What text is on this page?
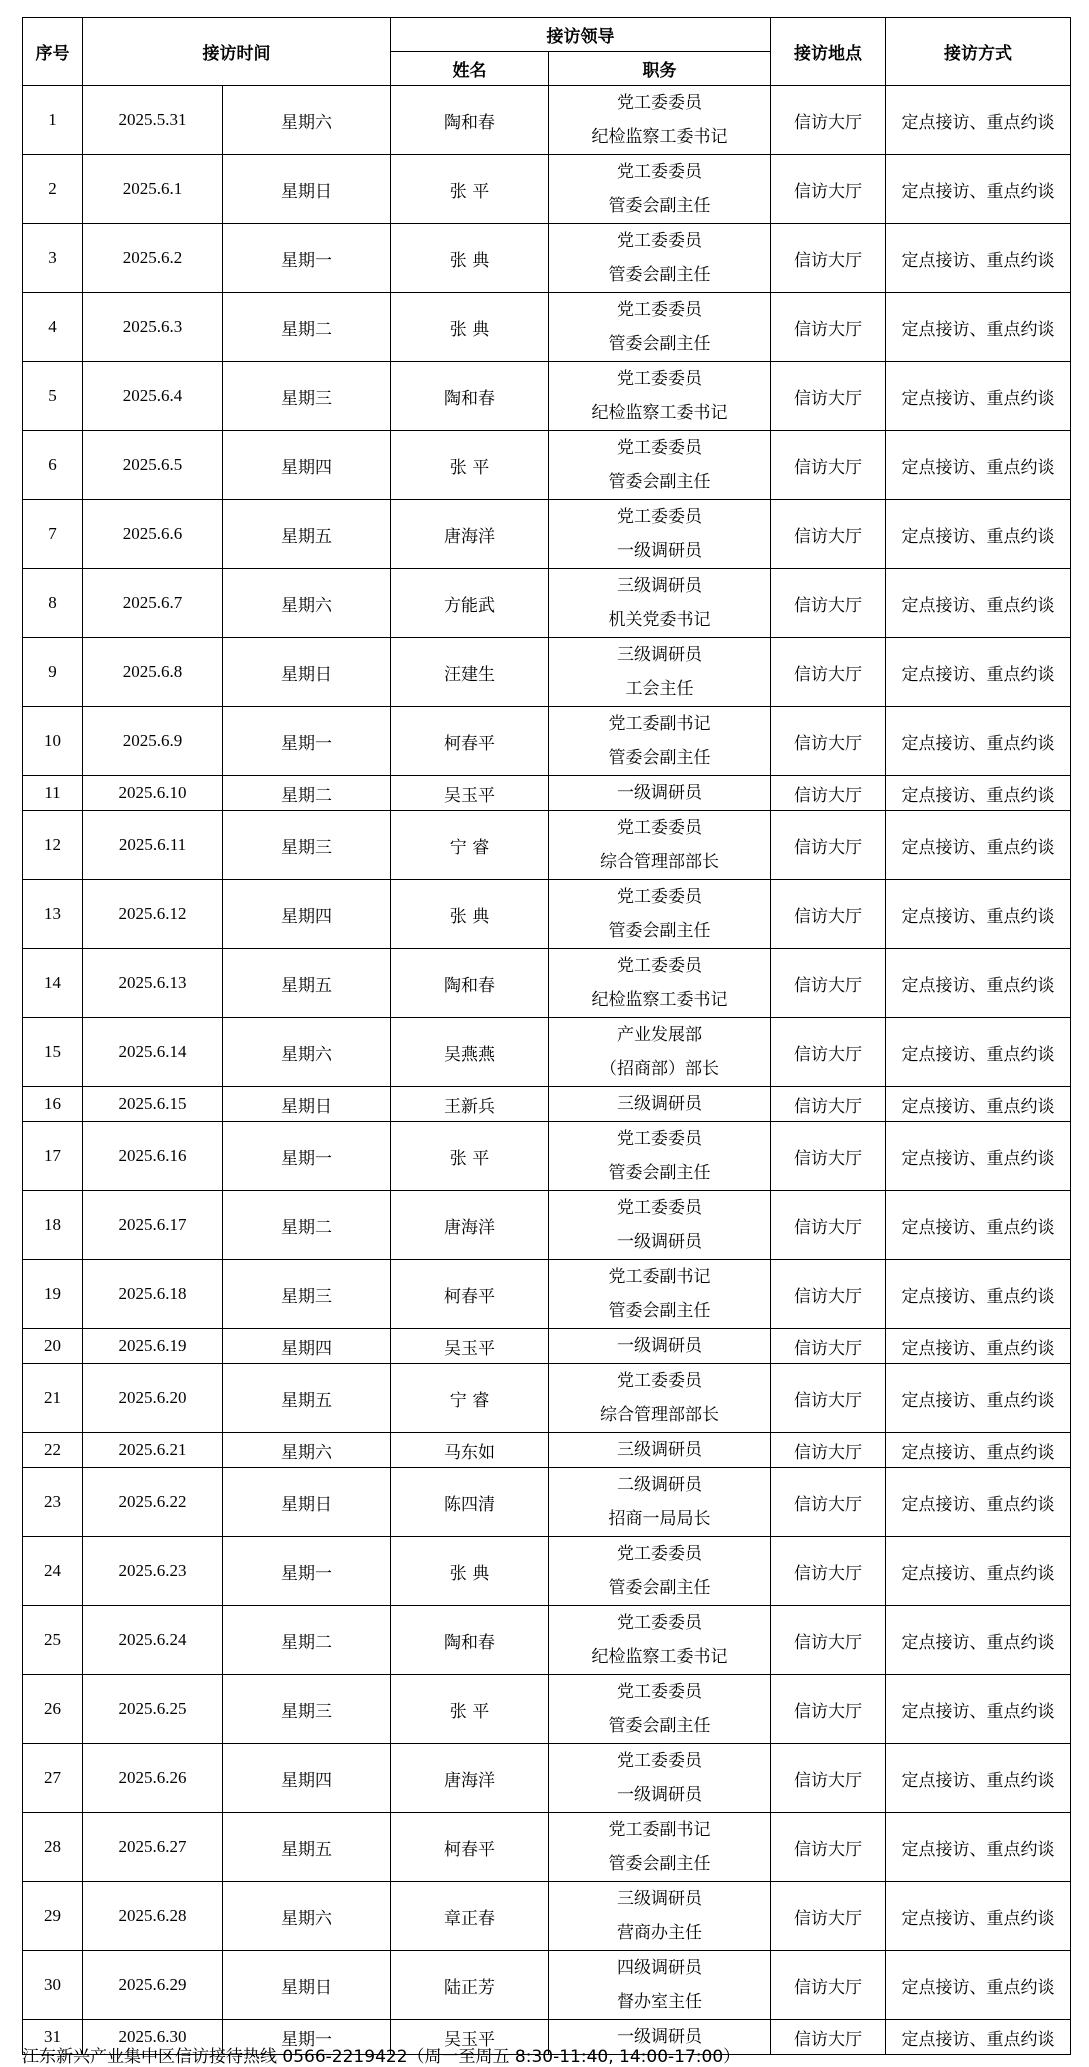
序号	接访时间		接访领导		接访地点	接访方式
			姓名	职务		
1	2025.5.31	星期六	陶和春	党工委委员
纪检监察工委书记	信访大厅	定点接访、重点约谈
2	2025.6.1	星期日	张 平	党工委委员
管委会副主任	信访大厅	定点接访、重点约谈
3	2025.6.2	星期一	张 典	党工委委员
管委会副主任	信访大厅	定点接访、重点约谈
4	2025.6.3	星期二	张 典	党工委委员
管委会副主任	信访大厅	定点接访、重点约谈
5	2025.6.4	星期三	陶和春	党工委委员
纪检监察工委书记	信访大厅	定点接访、重点约谈
6	2025.6.5	星期四	张 平	党工委委员
管委会副主任	信访大厅	定点接访、重点约谈
7	2025.6.6	星期五	唐海洋	党工委委员
一级调研员	信访大厅	定点接访、重点约谈
8	2025.6.7	星期六	方能武	三级调研员
机关党委书记	信访大厅	定点接访、重点约谈
9	2025.6.8	星期日	汪建生	三级调研员
工会主任	信访大厅	定点接访、重点约谈
10	2025.6.9	星期一	柯春平	党工委副书记
管委会副主任	信访大厅	定点接访、重点约谈
11	2025.6.10	星期二	吴玉平	一级调研员	信访大厅	定点接访、重点约谈
12	2025.6.11	星期三	宁 睿	党工委委员
综合管理部部长	信访大厅	定点接访、重点约谈
13	2025.6.12	星期四	张 典	党工委委员
管委会副主任	信访大厅	定点接访、重点约谈
14	2025.6.13	星期五	陶和春	党工委委员
纪检监察工委书记	信访大厅	定点接访、重点约谈
15	2025.6.14	星期六	吴燕燕	产业发展部
（招商部）部长	信访大厅	定点接访、重点约谈
16	2025.6.15	星期日	王新兵	三级调研员	信访大厅	定点接访、重点约谈
17	2025.6.16	星期一	张 平	党工委委员
管委会副主任	信访大厅	定点接访、重点约谈
18	2025.6.17	星期二	唐海洋	党工委委员
一级调研员	信访大厅	定点接访、重点约谈
19	2025.6.18	星期三	柯春平	党工委副书记
管委会副主任	信访大厅	定点接访、重点约谈
20	2025.6.19	星期四	吴玉平	一级调研员	信访大厅	定点接访、重点约谈
21	2025.6.20	星期五	宁 睿	党工委委员
综合管理部部长	信访大厅	定点接访、重点约谈
22	2025.6.21	星期六	马东如	三级调研员	信访大厅	定点接访、重点约谈
23	2025.6.22	星期日	陈四清	二级调研员
招商一局局长	信访大厅	定点接访、重点约谈
24	2025.6.23	星期一	张 典	党工委委员
管委会副主任	信访大厅	定点接访、重点约谈
25	2025.6.24	星期二	陶和春	党工委委员
纪检监察工委书记	信访大厅	定点接访、重点约谈
26	2025.6.25	星期三	张 平	党工委委员
管委会副主任	信访大厅	定点接访、重点约谈
27	2025.6.26	星期四	唐海洋	党工委委员
一级调研员	信访大厅	定点接访、重点约谈
28	2025.6.27	星期五	柯春平	党工委副书记
管委会副主任	信访大厅	定点接访、重点约谈
29	2025.6.28	星期六	章正春	三级调研员
营商办主任	信访大厅	定点接访、重点约谈
30	2025.6.29	星期日	陆正芳	四级调研员
督办室主任	信访大厅	定点接访、重点约谈
31	2025.6.30	星期一	吴玉平	一级调研员	信访大厅	定点接访、重点约谈
江东新兴产业集中区信访接待热线 0566-2219422（周一至周五 8:30-11:40, 14:00-17:00）
